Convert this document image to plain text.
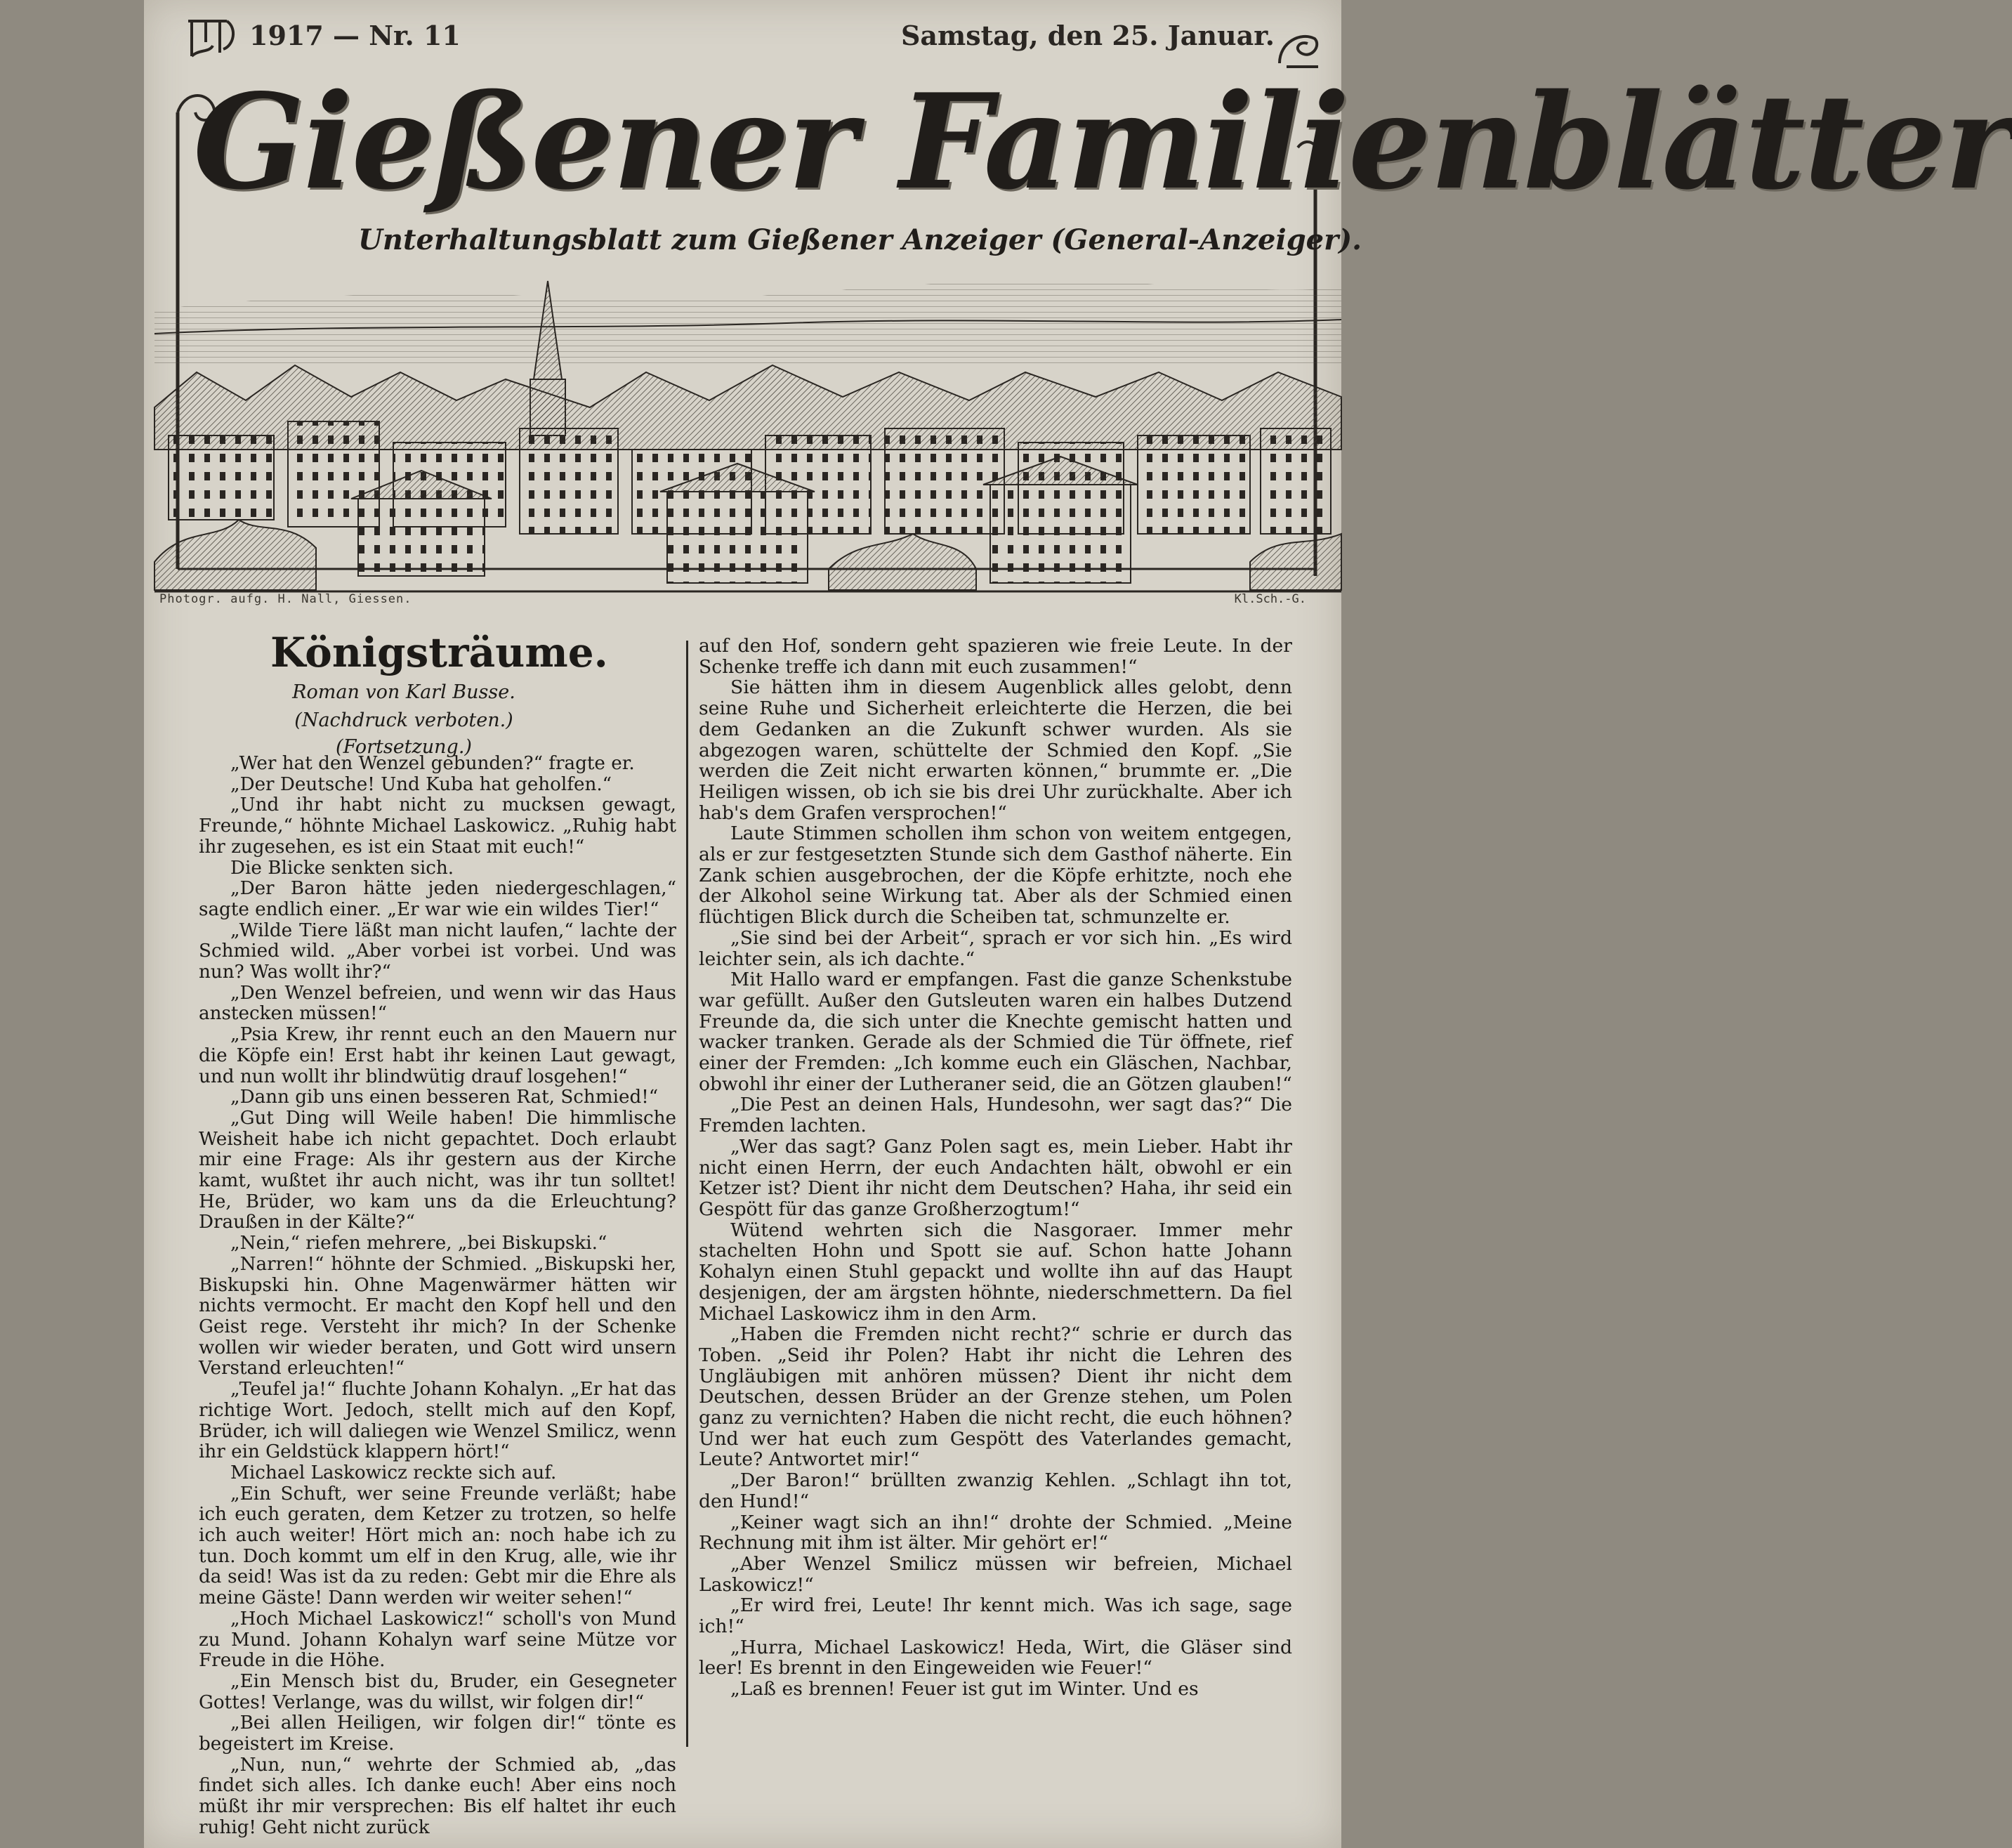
1917 — Nr. 11	Samstag, den 25. Januar.
Gießener Familienblätter
Unterhaltungsblatt zum Gießener Anzeiger (General-Anzeiger).
Photogr. aufg. H. Nall, Giessen.	Kl.Sch.-G.
Königsträume.
Roman von Karl Busse.
(Nachdruck verboten.)
(Fortsetzung.)

„Wer hat den Wenzel gebunden?“ fragte er.

„Der Deutsche! Und Kuba hat geholfen.“

„Und ihr habt nicht zu mucksen gewagt, Freunde,“ höhnte Michael Laskowicz. „Ruhig habt ihr zugesehen, es ist ein Staat mit euch!“

Die Blicke senkten sich.

„Der Baron hätte jeden niedergeschlagen,“ sagte endlich einer. „Er war wie ein wildes Tier!“

„Wilde Tiere läßt man nicht laufen,“ lachte der Schmied wild. „Aber vorbei ist vorbei. Und was nun? Was wollt ihr?“

„Den Wenzel befreien, und wenn wir das Haus anstecken müssen!“

„Psia Krew, ihr rennt euch an den Mauern nur die Köpfe ein! Erst habt ihr keinen Laut gewagt, und nun wollt ihr blindwütig drauf losgehen!“

„Dann gib uns einen besseren Rat, Schmied!“

„Gut Ding will Weile haben! Die himmlische Weisheit habe ich nicht gepachtet. Doch erlaubt mir eine Frage: Als ihr gestern aus der Kirche kamt, wußtet ihr auch nicht, was ihr tun solltet! He, Brüder, wo kam uns da die Erleuchtung? Draußen in der Kälte?“

„Nein,“ riefen mehrere, „bei Biskupski.“

„Narren!“ höhnte der Schmied. „Biskupski her, Biskupski hin. Ohne Magenwärmer hätten wir nichts vermocht. Er macht den Kopf hell und den Geist rege. Versteht ihr mich? In der Schenke wollen wir wieder beraten, und Gott wird unsern Verstand erleuchten!“

„Teufel ja!“ fluchte Johann Kohalyn. „Er hat das richtige Wort. Jedoch, stellt mich auf den Kopf, Brüder, ich will daliegen wie Wenzel Smilicz, wenn ihr ein Geldstück klappern hört!“

Michael Laskowicz reckte sich auf.

„Ein Schuft, wer seine Freunde verläßt; habe ich euch geraten, dem Ketzer zu trotzen, so helfe ich auch weiter! Hört mich an: noch habe ich zu tun. Doch kommt um elf in den Krug, alle, wie ihr da seid! Was ist da zu reden: Gebt mir die Ehre als meine Gäste! Dann werden wir weiter sehen!“

„Hoch Michael Laskowicz!“ scholl's von Mund zu Mund. Johann Kohalyn warf seine Mütze vor Freude in die Höhe.

„Ein Mensch bist du, Bruder, ein Gesegneter Gottes! Verlange, was du willst, wir folgen dir!“

„Bei allen Heiligen, wir folgen dir!“ tönte es begeistert im Kreise.

„Nun, nun,“ wehrte der Schmied ab, „das findet sich alles. Ich danke euch! Aber eins noch müßt ihr mir versprechen: Bis elf haltet ihr euch ruhig! Geht nicht zurück

auf den Hof, sondern geht spazieren wie freie Leute. In der Schenke treffe ich dann mit euch zusammen!“

Sie hätten ihm in diesem Augenblick alles gelobt, denn seine Ruhe und Sicherheit erleichterte die Herzen, die bei dem Gedanken an die Zukunft schwer wurden. Als sie abgezogen waren, schüttelte der Schmied den Kopf. „Sie werden die Zeit nicht erwarten können,“ brummte er. „Die Heiligen wissen, ob ich sie bis drei Uhr zurückhalte. Aber ich hab's dem Grafen versprochen!“

Laute Stimmen schollen ihm schon von weitem entgegen, als er zur festgesetzten Stunde sich dem Gasthof näherte. Ein Zank schien ausgebrochen, der die Köpfe erhitzte, noch ehe der Alkohol seine Wirkung tat. Aber als der Schmied einen flüchtigen Blick durch die Scheiben tat, schmunzelte er.

„Sie sind bei der Arbeit“, sprach er vor sich hin. „Es wird leichter sein, als ich dachte.“

Mit Hallo ward er empfangen. Fast die ganze Schenkstube war gefüllt. Außer den Gutsleuten waren ein halbes Dutzend Freunde da, die sich unter die Knechte gemischt hatten und wacker tranken. Gerade als der Schmied die Tür öffnete, rief einer der Fremden: „Ich komme euch ein Gläschen, Nachbar, obwohl ihr einer der Lutheraner seid, die an Götzen glauben!“

„Die Pest an deinen Hals, Hundesohn, wer sagt das?“ Die Fremden lachten.

„Wer das sagt? Ganz Polen sagt es, mein Lieber. Habt ihr nicht einen Herrn, der euch Andachten hält, obwohl er ein Ketzer ist? Dient ihr nicht dem Deutschen? Haha, ihr seid ein Gespött für das ganze Großherzogtum!“

Wütend wehrten sich die Nasgoraer. Immer mehr stachelten Hohn und Spott sie auf. Schon hatte Johann Kohalyn einen Stuhl gepackt und wollte ihn auf das Haupt desjenigen, der am ärgsten höhnte, niederschmettern. Da fiel Michael Laskowicz ihm in den Arm.

„Haben die Fremden nicht recht?“ schrie er durch das Toben. „Seid ihr Polen? Habt ihr nicht die Lehren des Ungläubigen mit anhören müssen? Dient ihr nicht dem Deutschen, dessen Brüder an der Grenze stehen, um Polen ganz zu vernichten? Haben die nicht recht, die euch höhnen? Und wer hat euch zum Gespött des Vaterlandes gemacht, Leute? Antwortet mir!“

„Der Baron!“ brüllten zwanzig Kehlen. „Schlagt ihn tot, den Hund!“

„Keiner wagt sich an ihn!“ drohte der Schmied. „Meine Rechnung mit ihm ist älter. Mir gehört er!“

„Aber Wenzel Smilicz müssen wir befreien, Michael Laskowicz!“

„Er wird frei, Leute! Ihr kennt mich. Was ich sage, sage ich!“

„Hurra, Michael Laskowicz! Heda, Wirt, die Gläser sind leer! Es brennt in den Eingeweiden wie Feuer!“

„Laß es brennen! Feuer ist gut im Winter. Und es
